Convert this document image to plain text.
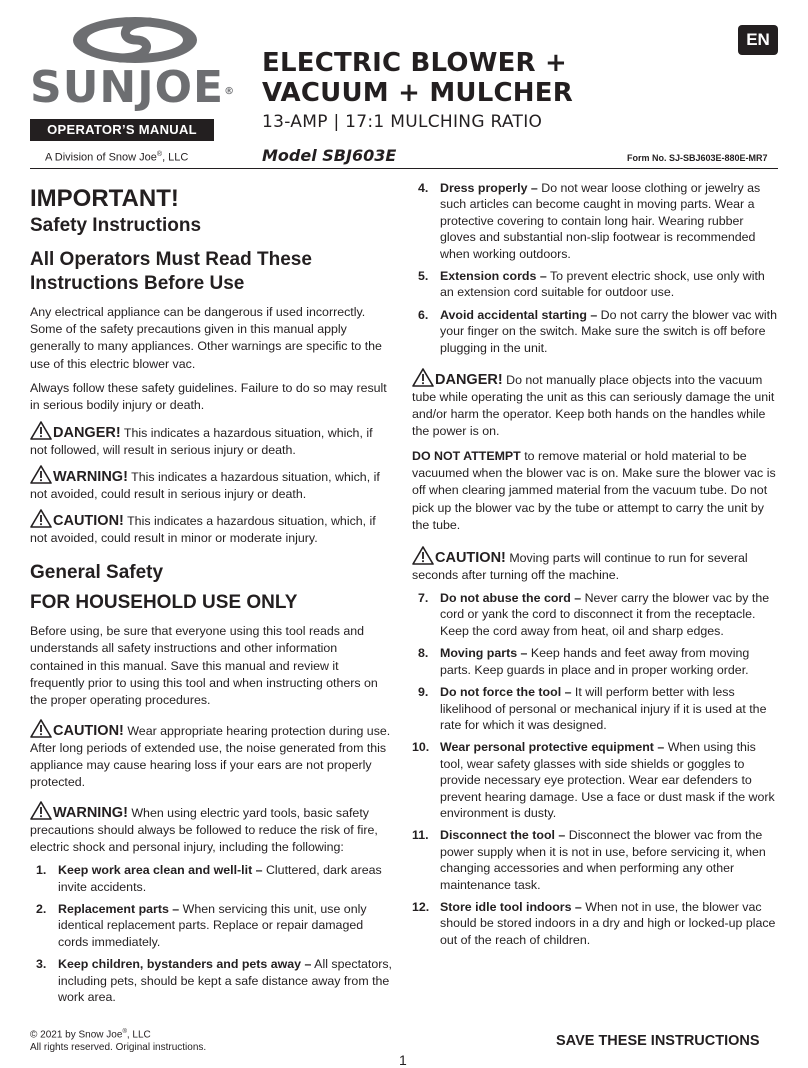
SUNJOE®
OPERATOR’S MANUAL
A Division of Snow Joe®, LLC
ELECTRIC BLOWER +
VACUUM + MULCHER
13-AMP | 17:1 MULCHING RATIO
Model SBJ603E	Form No. SJ-SBJ603E-880E-MR7
EN
IMPORTANT!
Safety Instructions
All Operators Must Read These Instructions Before Use

Any electrical appliance can be dangerous if used incorrectly. Some of the safety precautions given in this manual apply generally to many appliances. Other warnings are specific to the use of this electric blower vac.

Always follow these safety guidelines. Failure to do so may result in serious bodily injury or death.

DANGER! This indicates a hazardous situation, which, if not followed, will result in serious injury or death.
WARNING! This indicates a hazardous situation, which, if not avoided, could result in serious injury or death.
CAUTION! This indicates a hazardous situation, which, if not avoided, could result in minor or moderate injury.
General Safety
FOR HOUSEHOLD USE ONLY

Before using, be sure that everyone using this tool reads and understands all safety instructions and other information contained in this manual. Save this manual and review it frequently prior to using this tool and when instructing others on the proper operating procedures.

CAUTION! Wear appropriate hearing protection during use. After long periods of extended use, the noise generated from this appliance may cause hearing loss if your ears are not properly protected.
WARNING! When using electric yard tools, basic safety precautions should always be followed to reduce the risk of fire, electric shock and personal injury, including the following:
1. Keep work area clean and well-lit – Cluttered, dark areas invite accidents.
2. Replacement parts – When servicing this unit, use only identical replacement parts. Replace or repair damaged cords immediately.
3. Keep children, bystanders and pets away – All spectators, including pets, should be kept a safe distance away from the work area.
4. Dress properly – Do not wear loose clothing or jewelry as such articles can become caught in moving parts. Wear a protective covering to contain long hair. Wearing rubber gloves and substantial non-slip footwear is recommended when working outdoors.
5. Extension cords – To prevent electric shock, use only with an extension cord suitable for outdoor use.
6. Avoid accidental starting – Do not carry the blower vac with your finger on the switch. Make sure the switch is off before plugging in the unit.
DANGER! Do not manually place objects into the vacuum tube while operating the unit as this can seriously damage the unit and/or harm the operator. Keep both hands on the handles while the power is on.

DO NOT ATTEMPT to remove material or hold material to be vacuumed when the blower vac is on. Make sure the blower vac is off when clearing jammed material from the vacuum tube. Do not pick up the blower vac by the tube or attempt to carry the unit by the tube.

CAUTION! Moving parts will continue to run for several seconds after turning off the machine.
7. Do not abuse the cord – Never carry the blower vac by the cord or yank the cord to disconnect it from the receptacle. Keep the cord away from heat, oil and sharp edges.
8. Moving parts – Keep hands and feet away from moving parts. Keep guards in place and in proper working order.
9. Do not force the tool – It will perform better with less likelihood of personal or mechanical injury if it is used at the rate for which it was designed.
10. Wear personal protective equipment – When using this tool, wear safety glasses with side shields or goggles to provide necessary eye protection. Wear ear defenders to prevent hearing damage. Use a face or dust mask if the work environment is dusty.
11. Disconnect the tool – Disconnect the blower vac from the power supply when it is not in use, before servicing it, when changing accessories and when performing any other maintenance task.
12. Store idle tool indoors – When not in use, the blower vac should be stored indoors in a dry and high or locked-up place out of the reach of children.
© 2021 by Snow Joe®, LLC
All rights reserved. Original instructions.	SAVE THESE INSTRUCTIONS
1
